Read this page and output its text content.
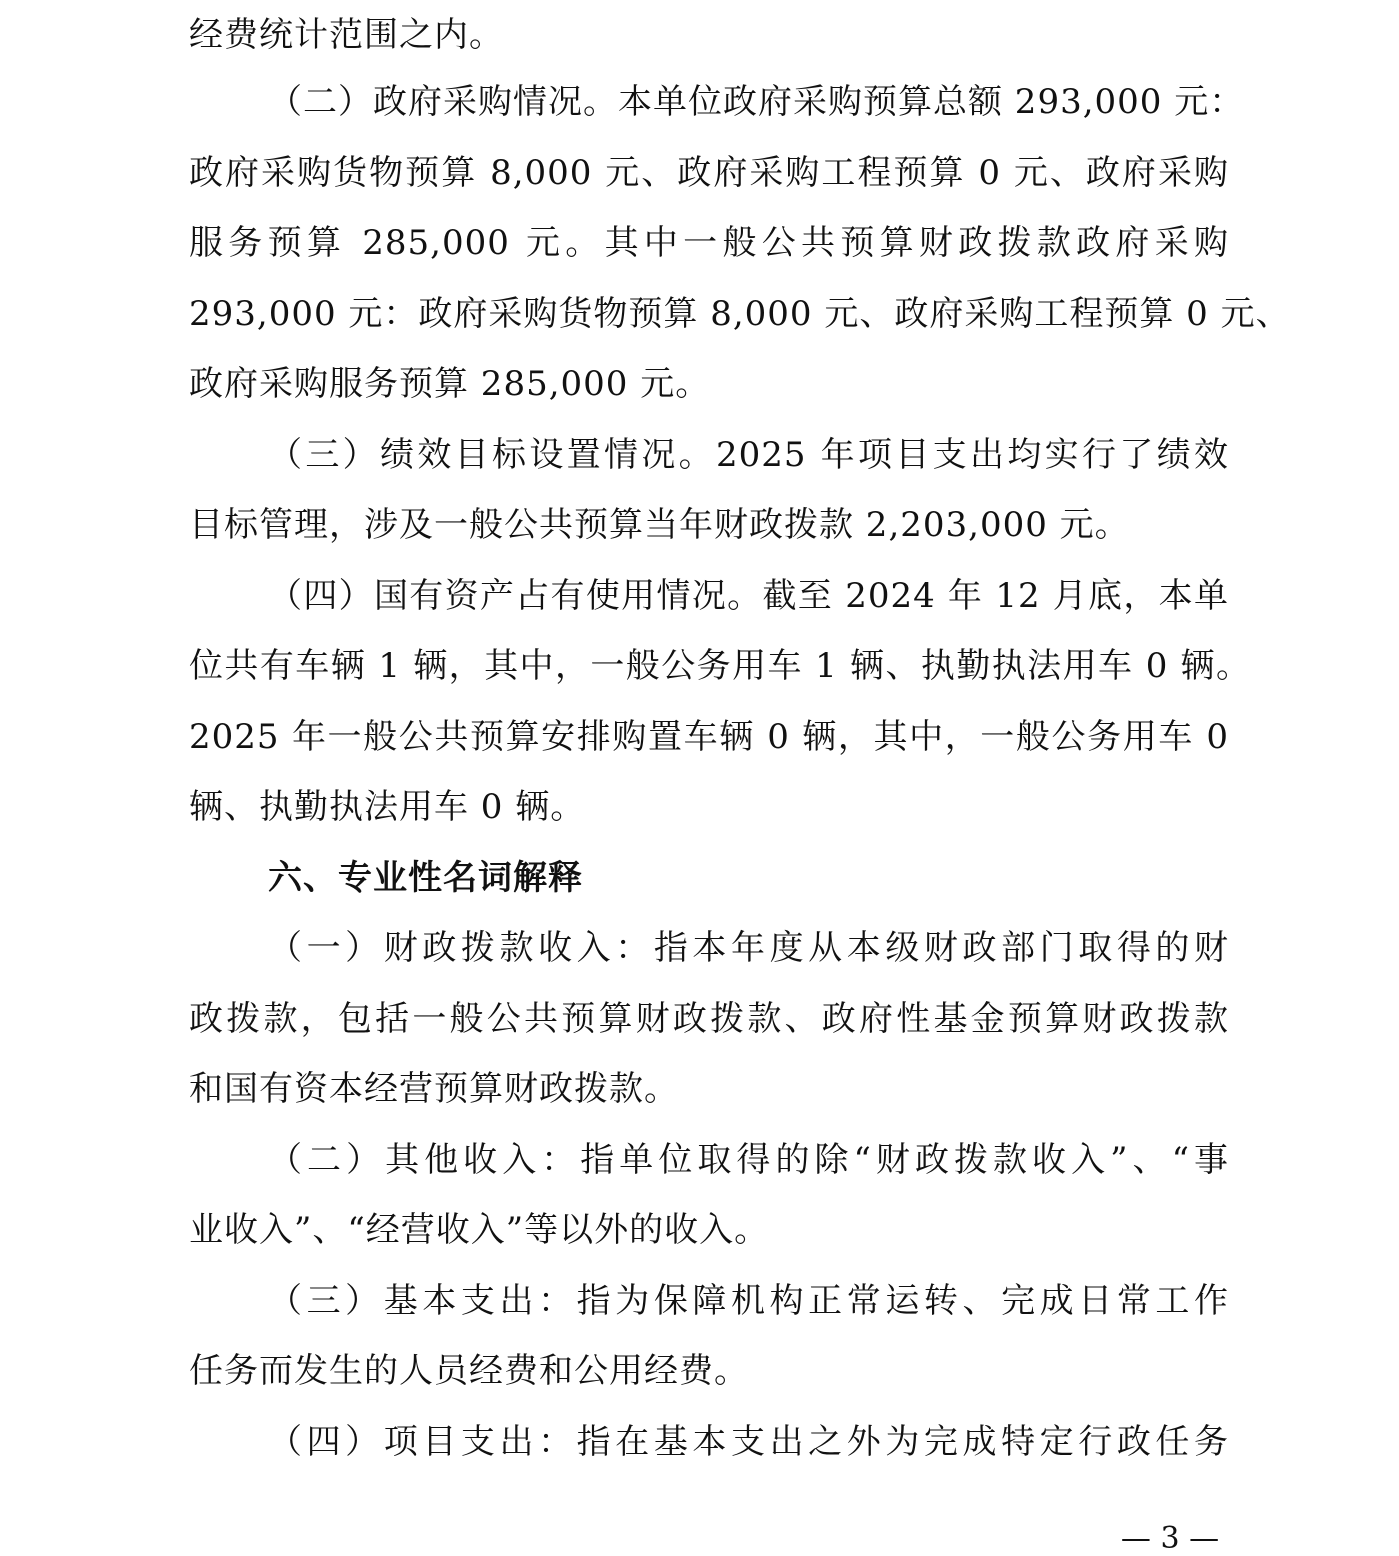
经费统计范围之内。
（二）政府采购情况。本单位政府采购预算总额 293,000 元：
政府采购货物预算 8,000 元、政府采购工程预算 0 元、政府采购
服务预算 285,000 元。其中一般公共预算财政拨款政府采购
293,000 元：政府采购货物预算 8,000 元、政府采购工程预算 0 元、
政府采购服务预算 285,000 元。
（三）绩效目标设置情况。2025 年项目支出均实行了绩效
目标管理，涉及一般公共预算当年财政拨款 2,203,000 元。
（四）国有资产占有使用情况。截至 2024 年 12 月底，本单
位共有车辆 1 辆，其中，一般公务用车 1 辆、执勤执法用车 0 辆。
2025 年一般公共预算安排购置车辆 0 辆，其中，一般公务用车 0
辆、执勤执法用车 0 辆。
六、专业性名词解释
（一）财政拨款收入：指本年度从本级财政部门取得的财
政拨款，包括一般公共预算财政拨款、政府性基金预算财政拨款
和国有资本经营预算财政拨款。
（二）其他收入：指单位取得的除“财政拨款收入”、“事
业收入”、“经营收入”等以外的收入。
（三）基本支出：指为保障机构正常运转、完成日常工作
任务而发生的人员经费和公用经费。
（四）项目支出：指在基本支出之外为完成特定行政任务
— 3 —
